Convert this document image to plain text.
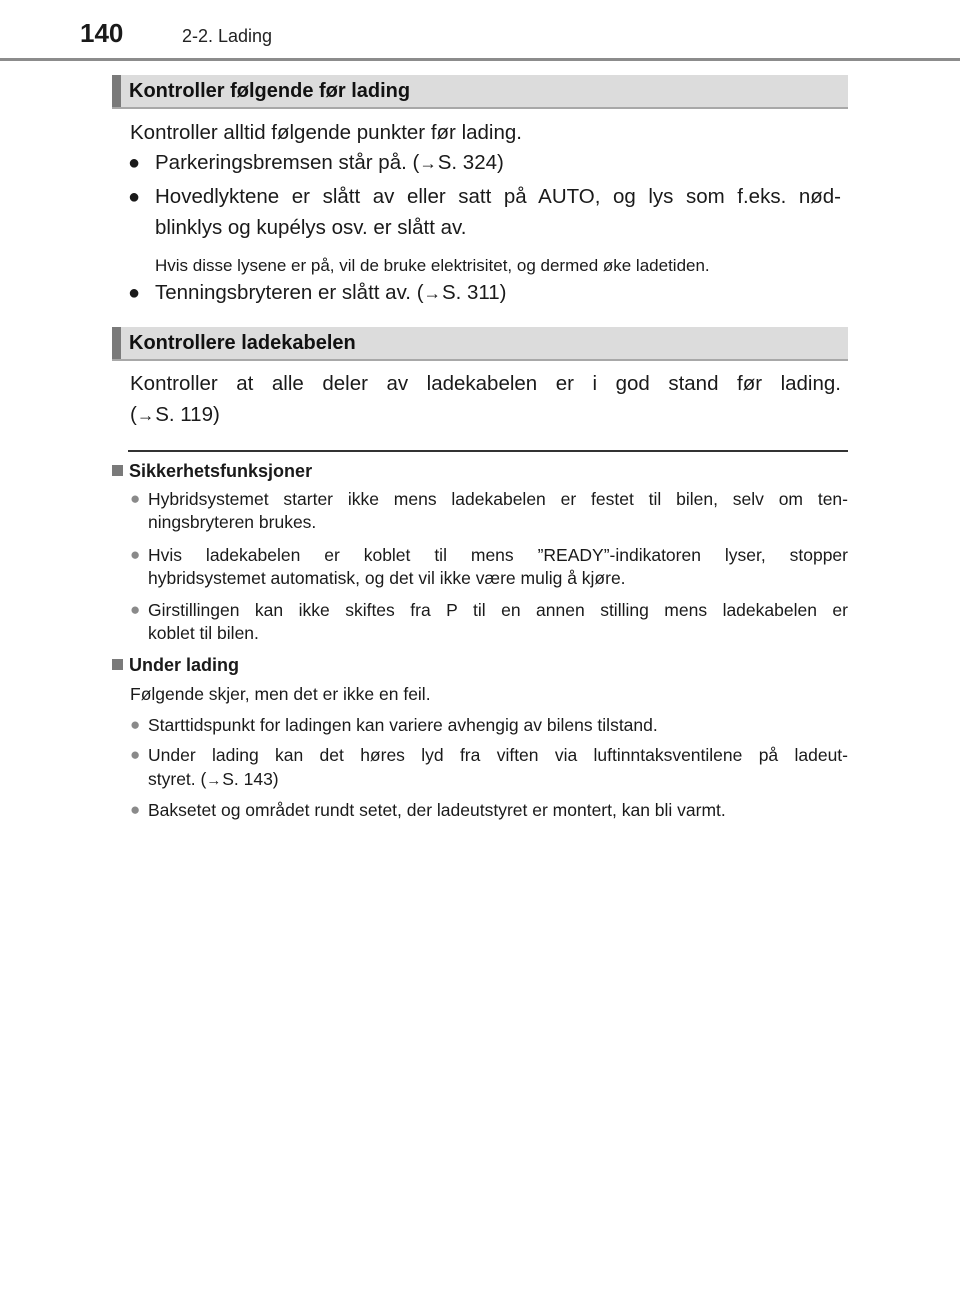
140	2-2. Lading
Kontroller følgende før lading
Kontroller alltid følgende punkter før lading.
● Parkeringsbremsen står på. (→S. 324)
● Hovedlyktene er slått av eller satt på AUTO, og lys som f.eks. nød-
blinklys og kupélys osv. er slått av.
Hvis disse lysene er på, vil de bruke elektrisitet, og dermed øke ladetiden.
● Tenningsbryteren er slått av. (→S. 311)
Kontrollere ladekabelen
Kontroller at alle deler av ladekabelen er i god stand før lading.
(→S. 119)
Sikkerhetsfunksjoner
● Hybridsystemet starter ikke mens ladekabelen er festet til bilen, selv om ten-
ningsbryteren brukes.
● Hvis ladekabelen er koblet til mens ”READY”-indikatoren lyser, stopper
hybridsystemet automatisk, og det vil ikke være mulig å kjøre.
● Girstillingen kan ikke skiftes fra P til en annen stilling mens ladekabelen er
koblet til bilen.
Under lading
Følgende skjer, men det er ikke en feil.
● Starttidspunkt for ladingen kan variere avhengig av bilens tilstand.
● Under lading kan det høres lyd fra viften via luftinntaksventilene på ladeut-
styret. (→S. 143)
● Baksetet og området rundt setet, der ladeutstyret er montert, kan bli varmt.
